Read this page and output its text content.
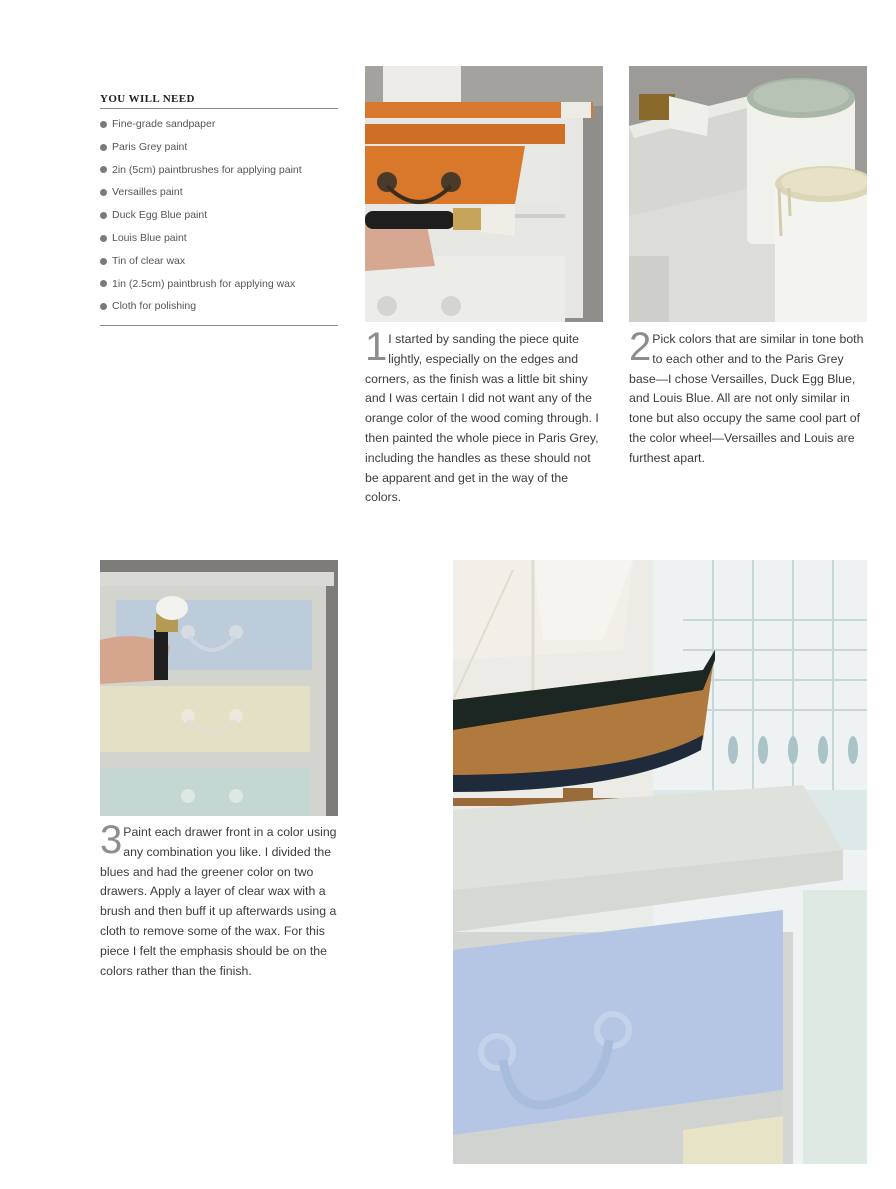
YOU WILL NEED
Fine-grade sandpaper
Paris Grey paint
2in (5cm) paintbrushes for applying paint
Versailles paint
Duck Egg Blue paint
Louis Blue paint
Tin of clear wax
1in (2.5cm) paintbrush for applying wax
Cloth for polishing
1 I started by sanding the piece quite lightly, especially on the edges and corners, as the finish was a little bit shiny and I was certain I did not want any of the orange color of the wood coming through. I then painted the whole piece in Paris Grey, including the handles as these should not be apparent and get in the way of the colors.
2 Pick colors that are similar in tone both to each other and to the Paris Grey base—I chose Versailles, Duck Egg Blue, and Louis Blue. All are not only similar in tone but also occupy the same cool part of the color wheel—Versailles and Louis are furthest apart.
3 Paint each drawer front in a color using any combination you like. I divided the blues and had the greener color on two drawers. Apply a layer of clear wax with a brush and then buff it up afterwards using a cloth to remove some of the wax. For this piece I felt the emphasis should be on the colors rather than the finish.
